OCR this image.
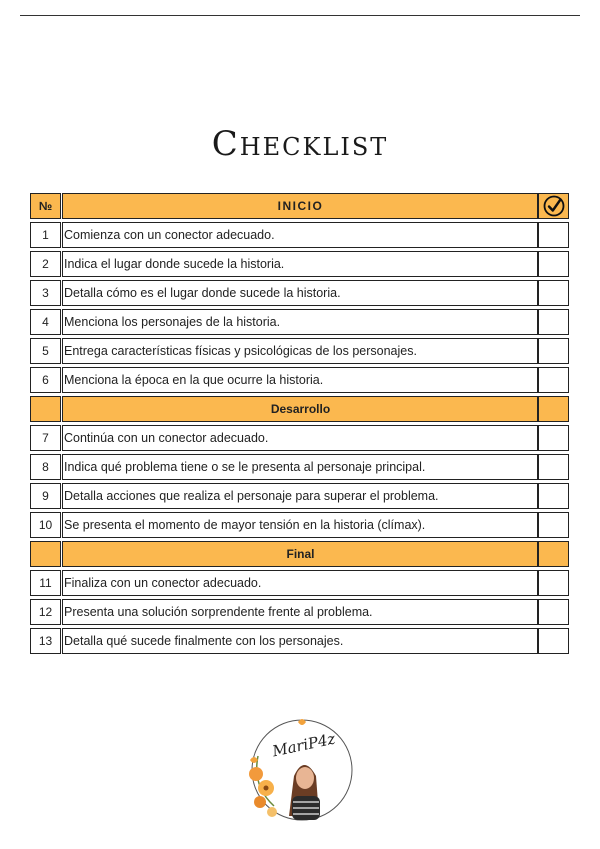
Checklist
№	INICIO
1	Comienza con un conector adecuado.
2	Indica el lugar donde sucede la historia.
3	Detalla cómo es el lugar donde sucede la historia.
4	Menciona los personajes de la historia.
5	Entrega características físicas y psicológicas de los personajes.
6	Menciona la época en la que ocurre la historia.
Desarrollo
7	Continúa con un conector adecuado.
8	Indica qué problema tiene o se le presenta al personaje principal.
9	Detalla acciones que realiza el personaje para superar el problema.
10 Se presenta el momento de mayor tensión en la historia (clímax).
Final
11 Finaliza con un conector adecuado.
12 Presenta una solución sorprendente frente al problema.
13 Detalla qué sucede finalmente con los personajes.
MariP4z
